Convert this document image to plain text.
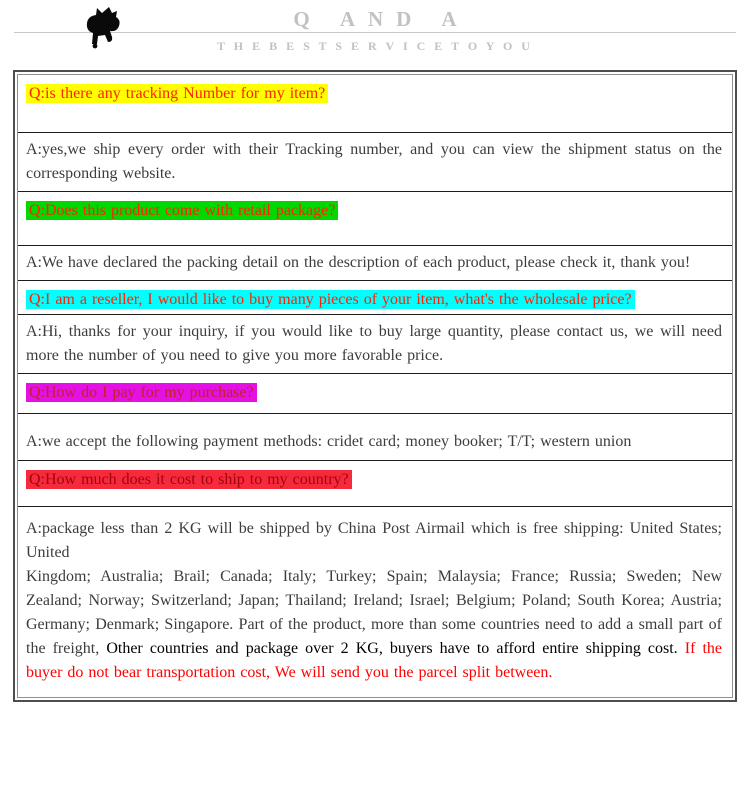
Q AND A
T H E B E S T S E R V I C E T O Y O U
Q:is there any tracking Number for my item?
A:yes,we ship every order with their Tracking number, and you can view the shipment status on the corresponding website.
Q:Does this product come with retail package?
A:We have declared the packing detail on the description of each product, please check it, thank you!
Q:I am a reseller, I would like to buy many pieces of your item, what's the wholesale price?
A:Hi, thanks for your inquiry, if you would like to buy large quantity, please contact us, we will need more the number of you need to give you more favorable price.
Q:How do I pay for my purchase?
A:we accept the following payment methods: cridet card; money booker; T/T; western union
Q:How much does it cost to ship to my country?
A:package less than 2 KG will be shipped by China Post Airmail which is free shipping: United States; United
Kingdom; Australia; Brail; Canada; Italy; Turkey; Spain; Malaysia; France; Russia; Sweden; New Zealand; Norway; Switzerland; Japan; Thailand; Ireland; Israel; Belgium; Poland; South Korea; Austria; Germany; Denmark; Singapore. Part of the product, more than some countries need to add a small part of the freight, Other countries and package over 2 KG, buyers have to afford entire shipping cost. If the buyer do not bear transportation cost, We will send you the parcel split between.
